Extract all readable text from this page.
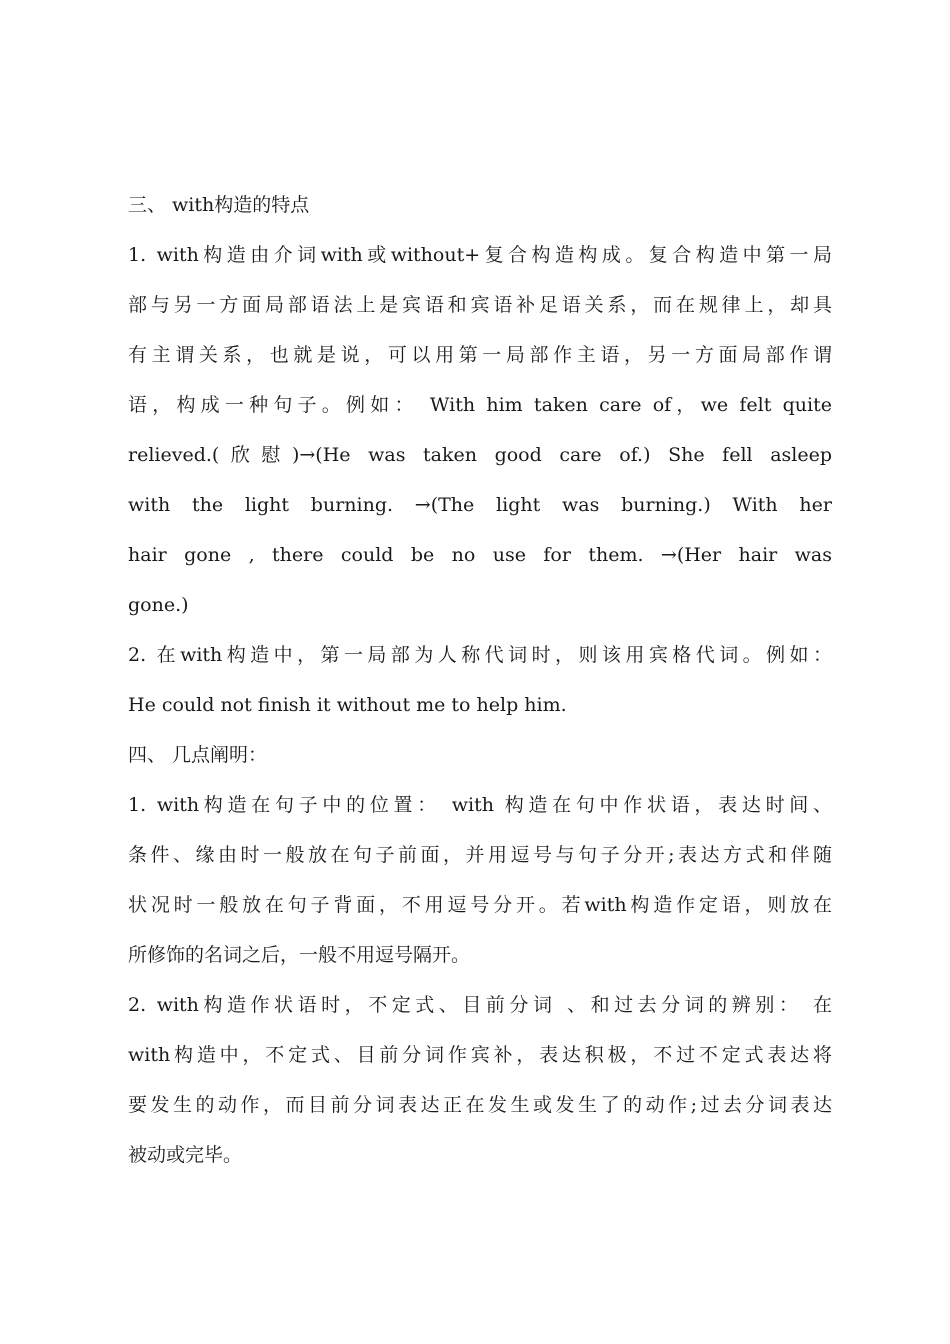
三、 with构造的特点
1. with构造由介词with或without+复合构造构成。复合构造中第一局
部与另一方面局部语法上是宾语和宾语补足语关系，而在规律上，却具
有主谓关系，也就是说，可以用第一局部作主语，另一方面局部作谓
语，构成一种句子。例如： With him taken care of，we felt quite
relieved.(欣慰)→(He was taken good care of.) She fell asleep
with the light burning. →(The light was burning.) With her
hair gone , there could be no use for them. →(Her hair was
gone.)
2. 在with构造中，第一局部为人称代词时，则该用宾格代词。例如：
He could not finish it without me to help him.
四、 几点阐明：
1. with构造在句子中的位置： with 构造在句中作状语，表达时间、
条件、缘由时一般放在句子前面，并用逗号与句子分开;表达方式和伴随
状况时一般放在句子背面，不用逗号分开。若with构造作定语，则放在
所修饰的名词之后，一般不用逗号隔开。
2. with构造作状语时，不定式、目前分词 、和过去分词的辨别： 在
with构造中，不定式、目前分词作宾补，表达积极，不过不定式表达将
要发生的动作，而目前分词表达正在发生或发生了的动作;过去分词表达
被动或完毕。
